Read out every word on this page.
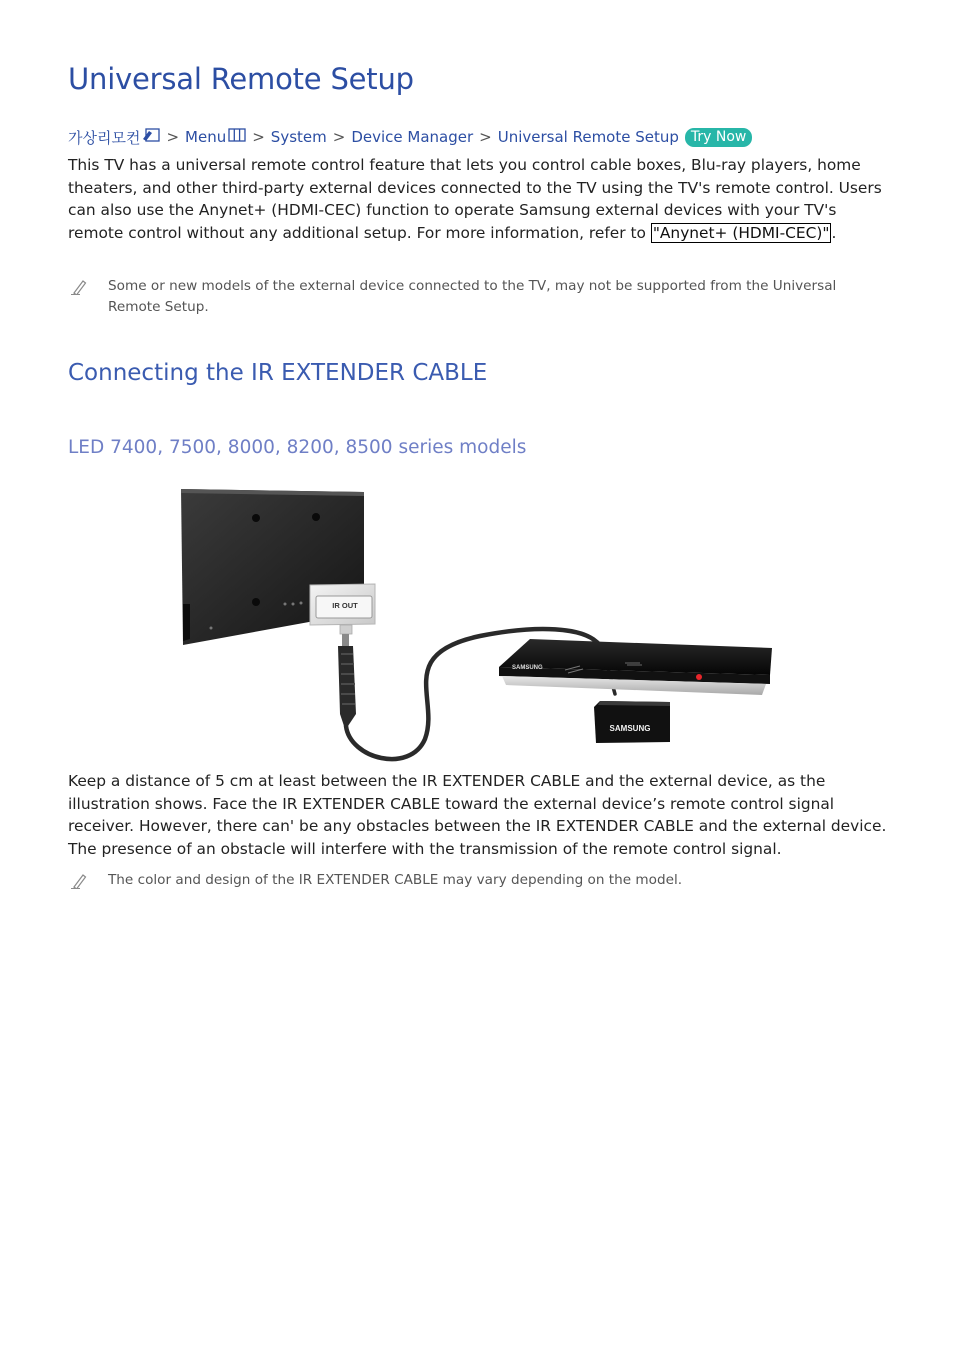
Universal Remote Setup
가상리모컨 > Menu > System > Device Manager > Universal Remote Setup Try Now

This TV has a universal remote control feature that lets you control cable boxes, Blu-ray players, home theaters, and other third-party external devices connected to the TV using the TV's remote control. Users can also use the Anynet+ (HDMI-CEC) function to operate Samsung external devices with your TV's remote control without any additional setup. For more information, refer to "Anynet+ (HDMI-CEC)" .

Some or new models of the external device connected to the TV, may not be supported from the Universal Remote Setup.

Connecting the IR EXTENDER CABLE
LED 7400, 7500, 8000, 8200, 8500 series models
IR OUT
SAMSUNG
SAMSUNG

Keep a distance of 5 cm at least between the IR EXTENDER CABLE and the external device, as the illustration shows. Face the IR EXTENDER CABLE toward the external device’s remote control signal receiver. However, there can' be any obstacles between the IR EXTENDER CABLE and the external device. The presence of an obstacle will interfere with the transmission of the remote control signal.

The color and design of the IR EXTENDER CABLE may vary depending on the model.
